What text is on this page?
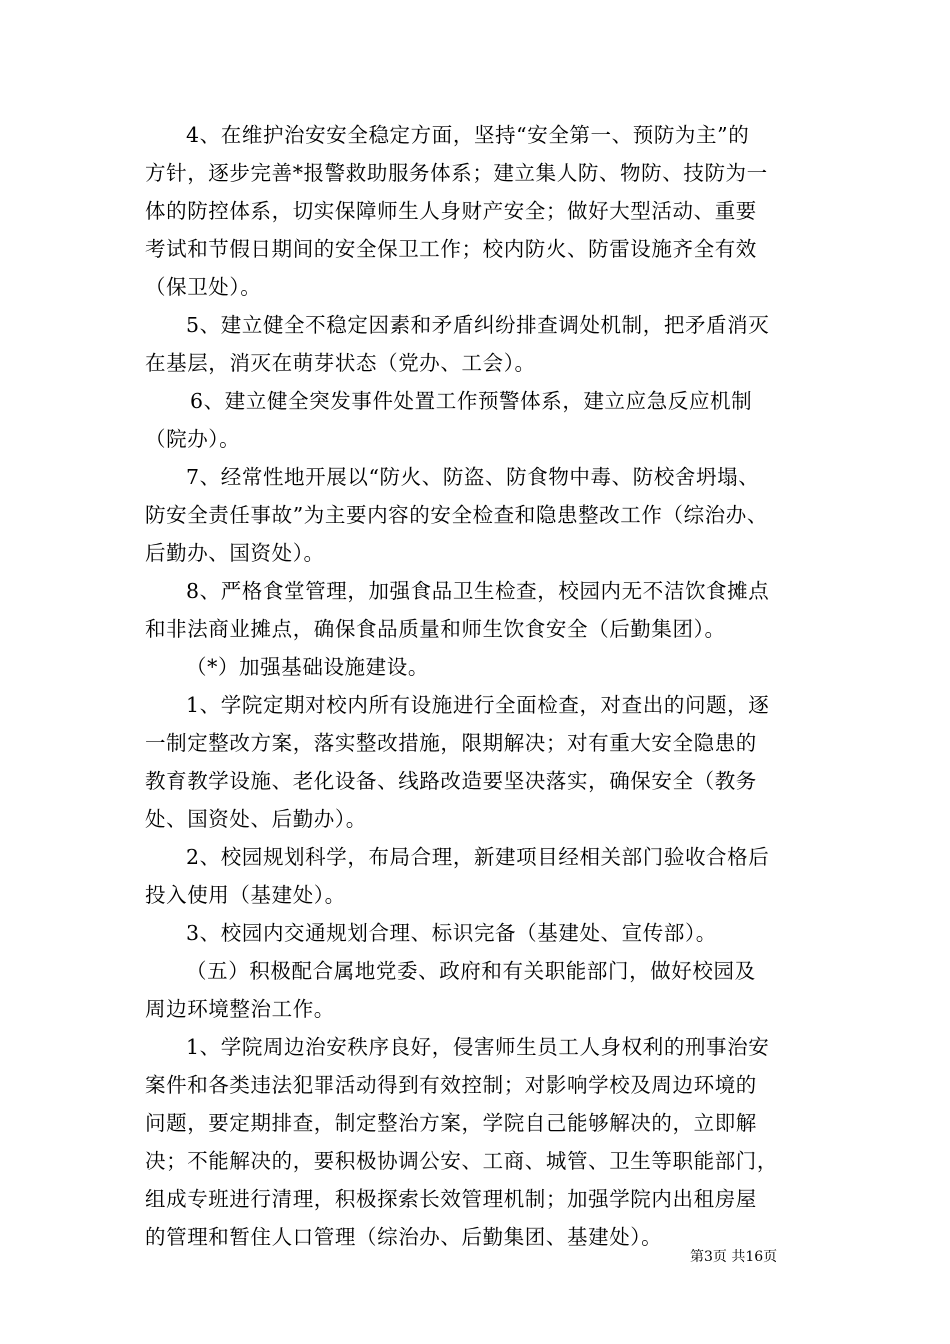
4、在维护治安安全稳定方面，坚持“安全第一、预防为主”的
方针，逐步完善*报警救助服务体系；建立集人防、物防、技防为一
体的防控体系，切实保障师生人身财产安全；做好大型活动、重要
考试和节假日期间的安全保卫工作；校内防火、防雷设施齐全有效
（保卫处）。
5、建立健全不稳定因素和矛盾纠纷排查调处机制，把矛盾消灭
在基层，消灭在萌芽状态（党办、工会）。
6、建立健全突发事件处置工作预警体系，建立应急反应机制
（院办）。
7、经常性地开展以“防火、防盗、防食物中毒、防校舍坍塌、
防安全责任事故”为主要内容的安全检查和隐患整改工作（综治办、
后勤办、国资处）。
8、严格食堂管理，加强食品卫生检查，校园内无不洁饮食摊点
和非法商业摊点，确保食品质量和师生饮食安全（后勤集团）。
（*）加强基础设施建设。
1、学院定期对校内所有设施进行全面检查，对查出的问题，逐
一制定整改方案，落实整改措施，限期解决；对有重大安全隐患的
教育教学设施、老化设备、线路改造要坚决落实，确保安全（教务
处、国资处、后勤办）。
2、校园规划科学，布局合理，新建项目经相关部门验收合格后
投入使用（基建处）。
3、校园内交通规划合理、标识完备（基建处、宣传部）。
（五）积极配合属地党委、政府和有关职能部门，做好校园及
周边环境整治工作。
1、学院周边治安秩序良好，侵害师生员工人身权利的刑事治安
案件和各类违法犯罪活动得到有效控制；对影响学校及周边环境的
问题，要定期排查，制定整治方案，学院自己能够解决的，立即解
决；不能解决的，要积极协调公安、工商、城管、卫生等职能部门，
组成专班进行清理，积极探索长效管理机制；加强学院内出租房屋
的管理和暂住人口管理（综治办、后勤集团、基建处）。
第3页 共16页
